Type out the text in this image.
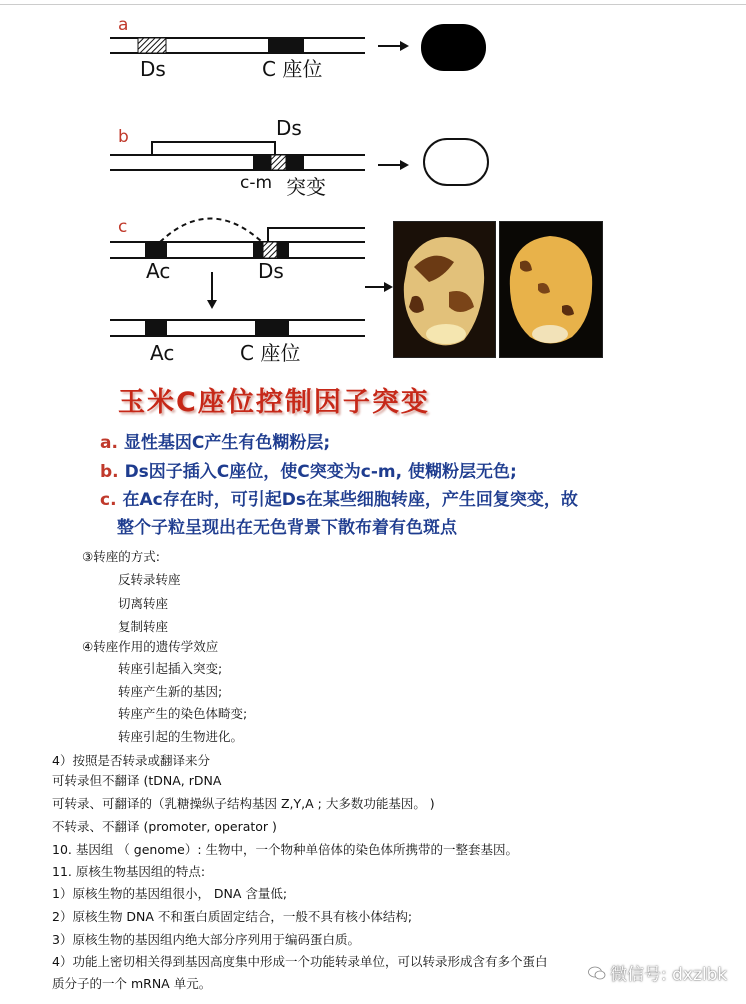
a
Ds	C 座位
b	Ds
c-m 突变
c
Ac	Ds
Ac	C 座位
玉米C座位控制因子突变
a. 显性基因C产生有色糊粉层;
b. Ds因子插入C座位，使C突变为c-m, 使糊粉层无色;
c. 在Ac存在时，可引起Ds在某些细胞转座，产生回复突变，故
整个子粒呈现出在无色背景下散布着有色斑点
③转座的方式:
反转录转座
切离转座
复制转座
④转座作用的遗传学效应
转座引起插入突变;
转座产生新的基因;
转座产生的染色体畸变;
转座引起的生物进化。
4）按照是否转录或翻译来分
可转录但不翻译 (tDNA, rDNA
可转录、可翻译的（乳糖操纵子结构基因 Z,Y,A ; 大多数功能基因。 )
不转录、不翻译 (promoter, operator )
10. 基因组 （ genome）: 生物中，一个物种单倍体的染色体所携带的一整套基因。
11. 原核生物基因组的特点:
1）原核生物的基因组很小， DNA 含量低;
2）原核生物 DNA 不和蛋白质固定结合，一般不具有核小体结构;
3）原核生物的基因组内绝大部分序列用于编码蛋白质。
4）功能上密切相关得到基因高度集中形成一个功能转录单位，可以转录形成含有多个蛋白
质分子的一个 mRNA 单元。	微信号: dxzlbk
